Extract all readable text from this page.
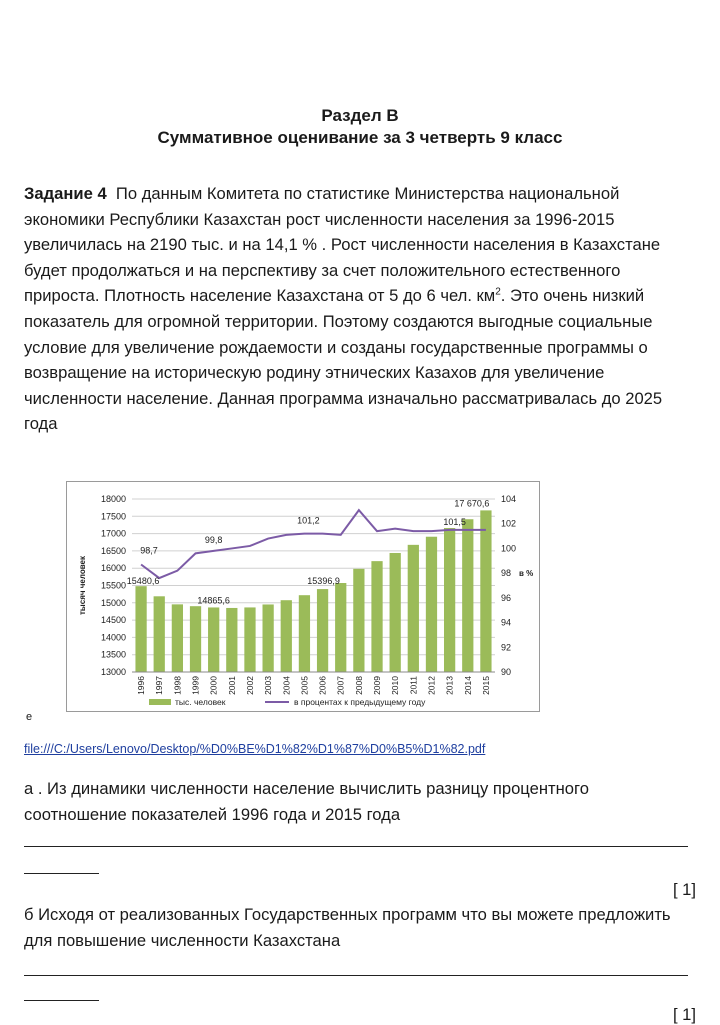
Раздел В
Суммативное оценивание за 3 четверть 9 класс
Задание 4 По данным Комитета по статистике Министерства национальной экономики Республики Казахстан рост численности населения за 1996-2015 увеличилась на 2190 тыс. и на 14,1 % . Рост численности населения в Казахстане будет продолжаться и на перспективу за счет положительного естественного прироста. Плотность население Казахстана от 5 до 6 чел. $км^2$. Это очень низкий показатель для огромной территории. Поэтому создаются выгодные социальные условие для увеличение рождаемости и созданы государственные программы о возвращение на историческую родину этнических Казахов для увеличение численности население. Данная программа изначально рассматривалась до 2025 года
18000
17500
17000
16500
16000
15500
15000
14500
14000
13500
13000
104
102
100
98
96
94
92
90
тысяч человек	в %
1996 1997 1998 1999 2000 2001 2002 2003 2004 2005 2006 2007 2008 2009 2010 2011 2012 2013 2014 2015
15480,6
98,7
99,8
14865,6
101,2
15396,9
17 670,6
101,5
тыс. человек	в процентах к предыдущему году
е
file:///C:/Users/Lenovo/Desktop/%D0%BE%D1%82%D1%87%D0%B5%D1%82.pdf
а . Из динамики численности население вычислить разницу процентного соотношение показателей 1996 года и 2015 года
[ 1]
б Исходя от реализованных Государственных программ что вы можете предложить для повышение численности Казахстана
[ 1]
